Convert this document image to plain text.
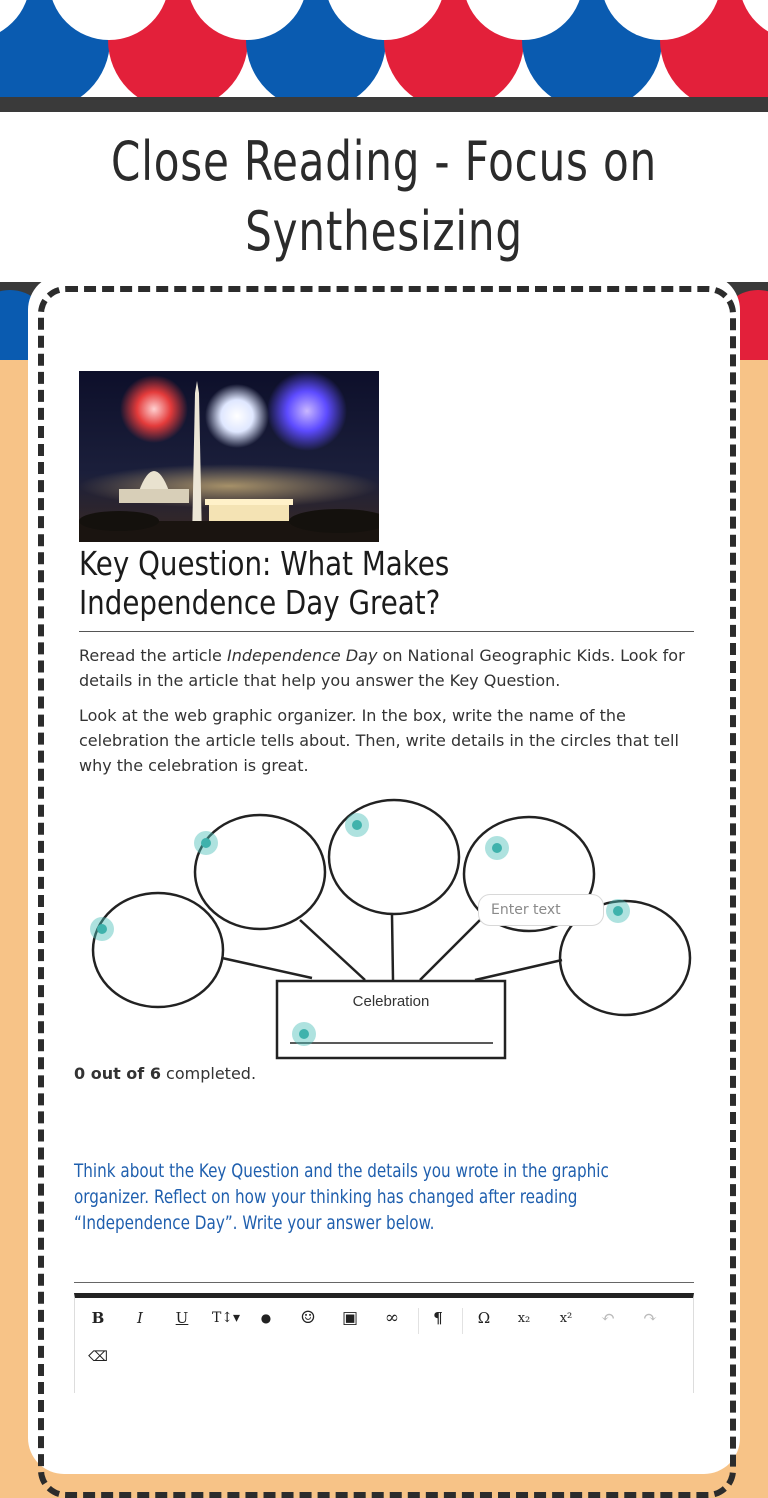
Close Reading - Focus on Synthesizing
Key Question: What Makes Independence Day Great?

Reread the article Independence Day on National Geographic Kids. Look for details in the article that help you answer the Key Question.

Look at the web graphic organizer. In the box, write the name of the celebration the article tells about. Then, write details in the circles that tell why the celebration is great.

Celebration
Enter text

0 out of 6 completed.

Think about the Key Question and the details you wrote in the graphic organizer. Reflect on how your thinking has changed after reading “Independence Day”. Write your answer below.

B I U T↕▾ ● ☺ ▣ ∞ ¶ Ω x₂ x² ↶ ↷
⌫
